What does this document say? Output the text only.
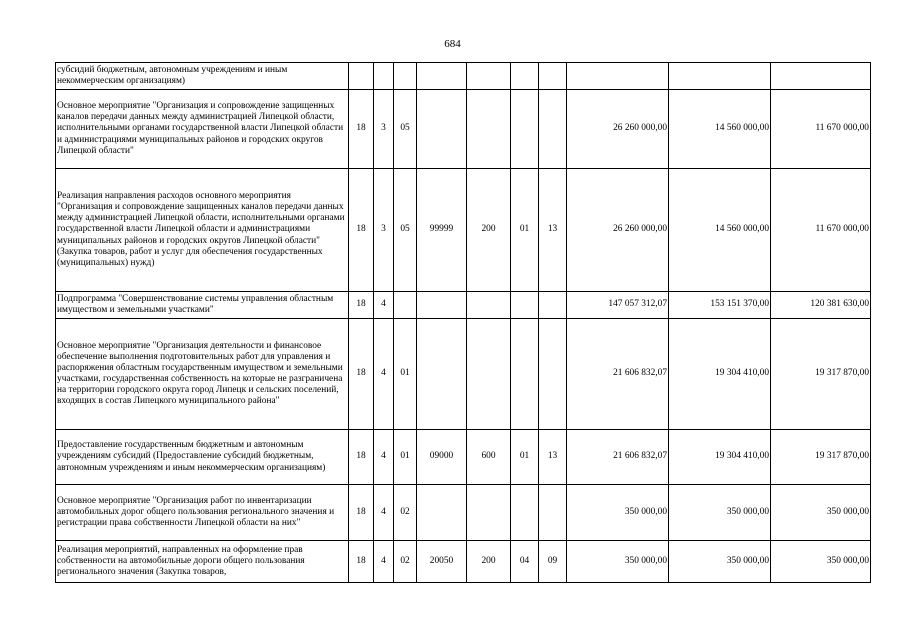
684
субсидий бюджетным, автономным учреждениям и иным некоммерческим организациям)										
Основное мероприятие "Организация и сопровождение защищенных каналов передачи данных между администрацией Липецкой области, исполнительными органами государственной власти Липецкой области и администрациями муниципальных районов и городских округов Липецкой области"	18	3	05					26 260 000,00	14 560 000,00	11 670 000,00
Реализация направления расходов основного мероприятия "Организация и сопровождение защищенных каналов передачи данных между администрацией Липецкой области, исполнительными органами государственной власти Липецкой области и администрациями муниципальных районов и городских округов Липецкой области" (Закупка товаров, работ и услуг для обеспечения государственных (муниципальных) нужд)	18	3	05	99999	200	01	13	26 260 000,00	14 560 000,00	11 670 000,00
Подпрограмма "Совершенствование системы управления областным имуществом и земельными участками"	18	4						147 057 312,07	153 151 370,00	120 381 630,00
Основное мероприятие "Организация деятельности и финансовое обеспечение выполнения подготовительных работ для управления и распоряжения областным государственным имуществом и земельными участками, государственная собственность на которые не разграничена на территории городского округа город Липецк и сельских поселений, входящих в состав Липецкого муниципального района"	18	4	01					21 606 832,07	19 304 410,00	19 317 870,00
Предоставление государственным бюджетным и автономным учреждениям субсидий (Предоставление субсидий бюджетным, автономным учреждениям и иным некоммерческим организациям)	18	4	01	09000	600	01	13	21 606 832,07	19 304 410,00	19 317 870,00
Основное мероприятие "Организация работ по инвентаризации автомобильных дорог общего пользования регионального значения и регистрации права собственности Липецкой области на них"	18	4	02					350 000,00	350 000,00	350 000,00
Реализация мероприятий, направленных на оформление прав собственности на автомобильные дороги общего пользования регионального значения (Закупка товаров,	18	4	02	20050	200	04	09	350 000,00	350 000,00	350 000,00
